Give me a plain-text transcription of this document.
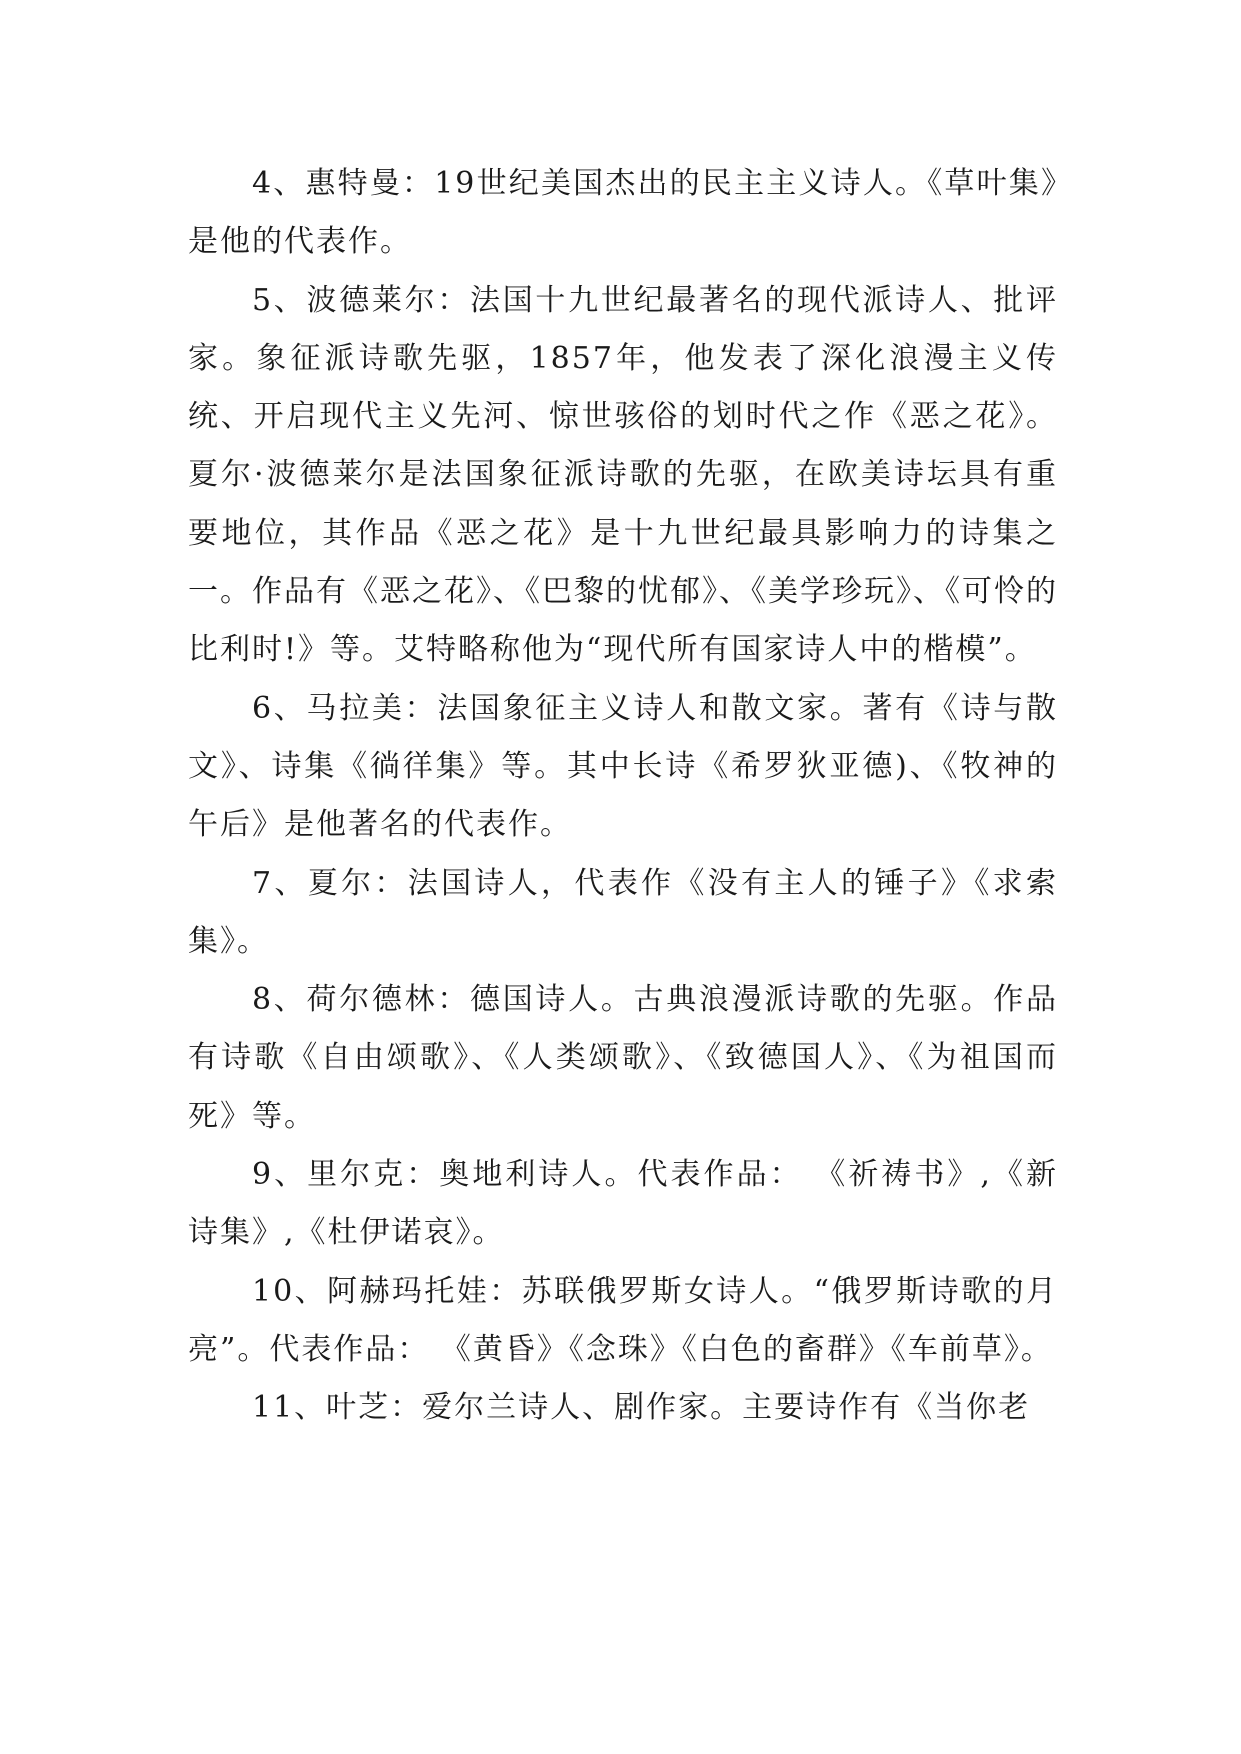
4、惠特曼：19世纪美国杰出的民主主义诗人。《草叶集》是他的代表作。

5、波德莱尔：法国十九世纪最著名的现代派诗人、批评家。象征派诗歌先驱，1857年，他发表了深化浪漫主义传统、开启现代主义先河、惊世骇俗的划时代之作《恶之花》。夏尔·波德莱尔是法国象征派诗歌的先驱，在欧美诗坛具有重要地位，其作品《恶之花》是十九世纪最具影响力的诗集之一。作品有《恶之花》、《巴黎的忧郁》、《美学珍玩》、《可怜的比利时!》等。艾特略称他为“现代所有国家诗人中的楷模”。

6、马拉美：法国象征主义诗人和散文家。著有《诗与散文》、诗集《徜徉集》等。其中长诗《希罗狄亚德)、《牧神的午后》是他著名的代表作。

7、夏尔：法国诗人，代表作《没有主人的锤子》《求索集》。

8、荷尔德林：德国诗人。古典浪漫派诗歌的先驱。作品有诗歌《自由颂歌》、《人类颂歌》、《致德国人》、《为祖国而死》等。

9、里尔克：奥地利诗人。代表作品： 《祈祷书》,《新诗集》,《杜伊诺哀》。

10、阿赫玛托娃：苏联俄罗斯女诗人。“俄罗斯诗歌的月亮”。代表作品： 《黄昏》《念珠》《白色的畜群》《车前草》。

11、叶芝：爱尔兰诗人、剧作家。主要诗作有《当你老
